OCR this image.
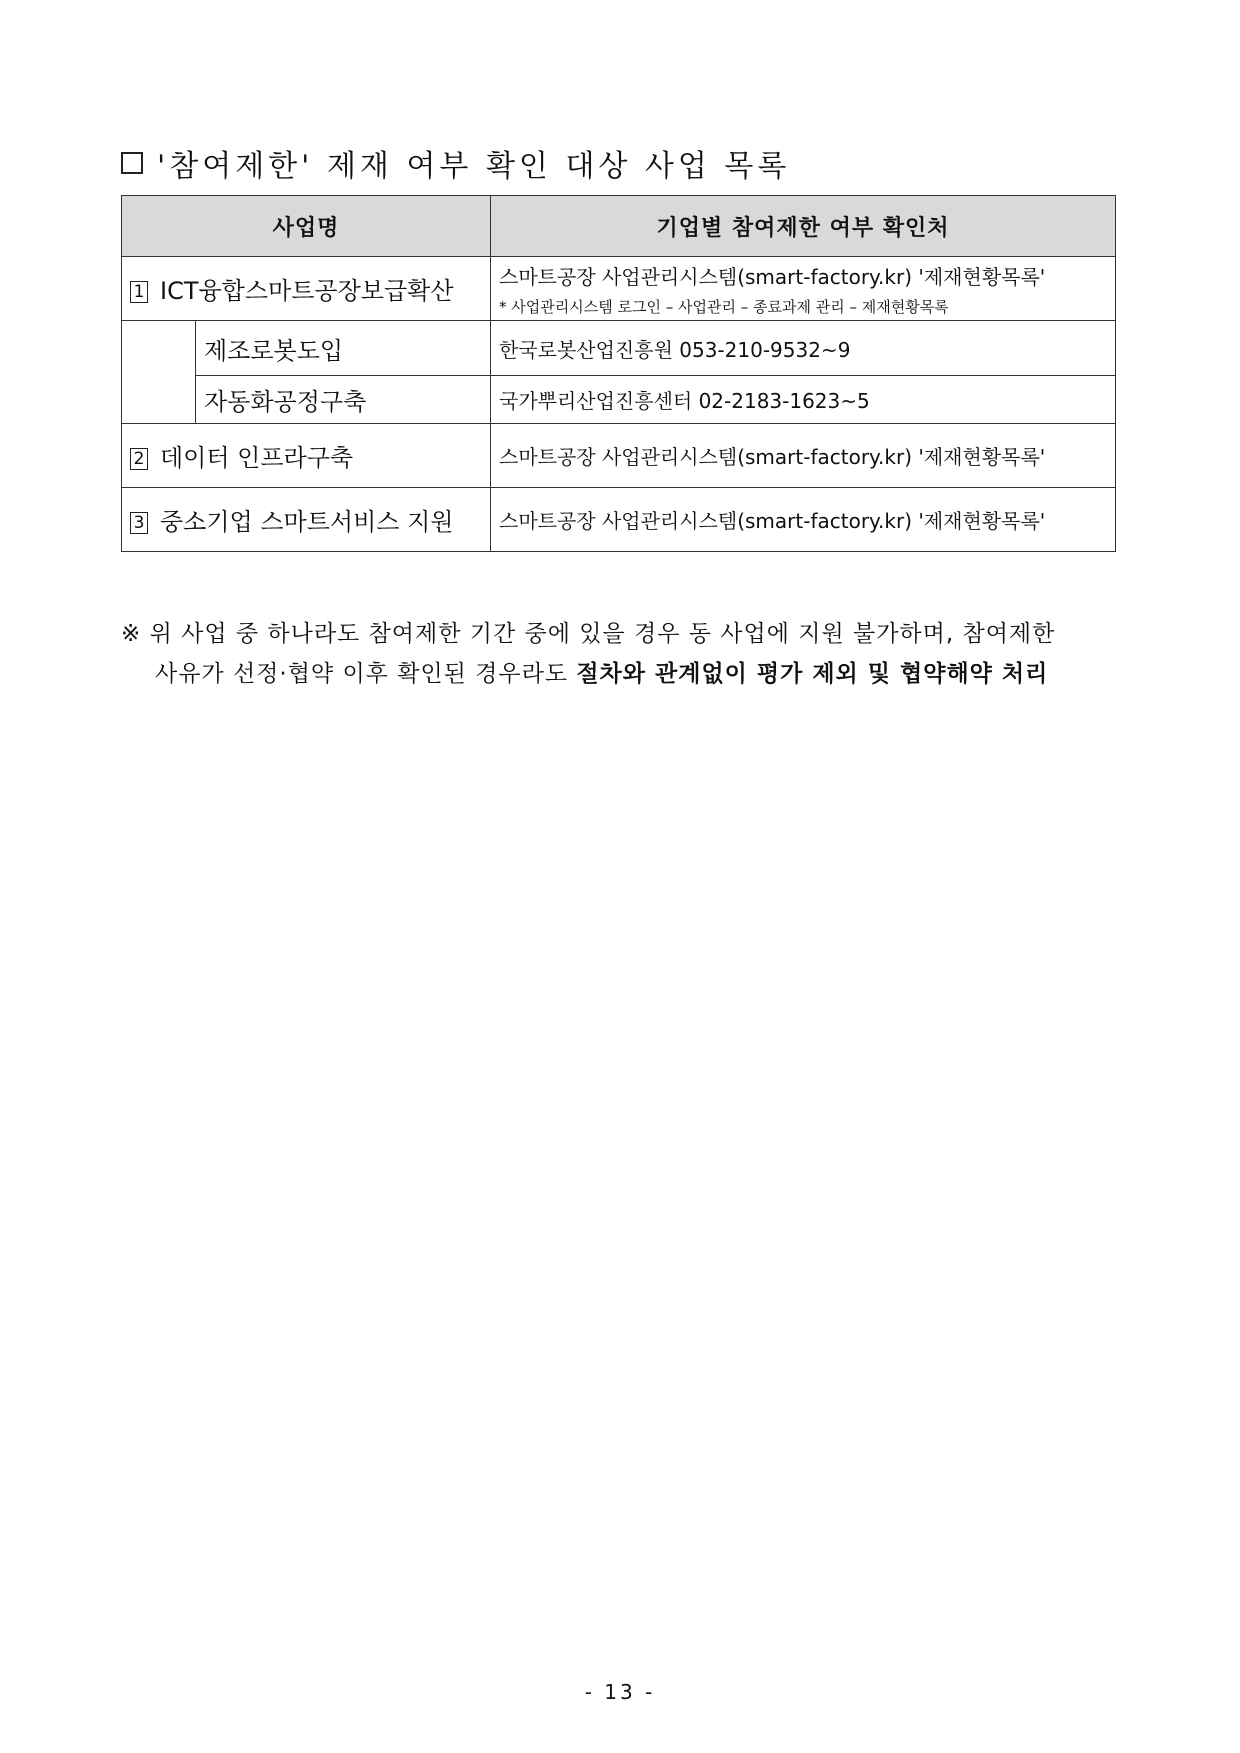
'참여제한' 제재 여부 확인 대상 사업 목록
사업명		기업별 참여제한 여부 확인처
1 ICT융합스마트공장보급확산		스마트공장 사업관리시스템(smart-factory.kr) '제재현황목록'
* 사업관리시스템 로그인 – 사업관리 – 종료과제 관리 – 제재현황목록

	제조로봇도입	한국로봇산업진흥원 053-210-9532~9
	자동화공정구축	국가뿌리산업진흥센터 02-2183-1623~5
2 데이터 인프라구축		스마트공장 사업관리시스템(smart-factory.kr) '제재현황목록'
3 중소기업 스마트서비스 지원		스마트공장 사업관리시스템(smart-factory.kr) '제재현황목록'
※ 위 사업 중 하나라도 참여제한 기간 중에 있을 경우 동 사업에 지원 불가하며, 참여제한
사유가 선정·협약 이후 확인된 경우라도 절차와 관계없이 평가 제외 및 협약해약 처리
- 13 -
